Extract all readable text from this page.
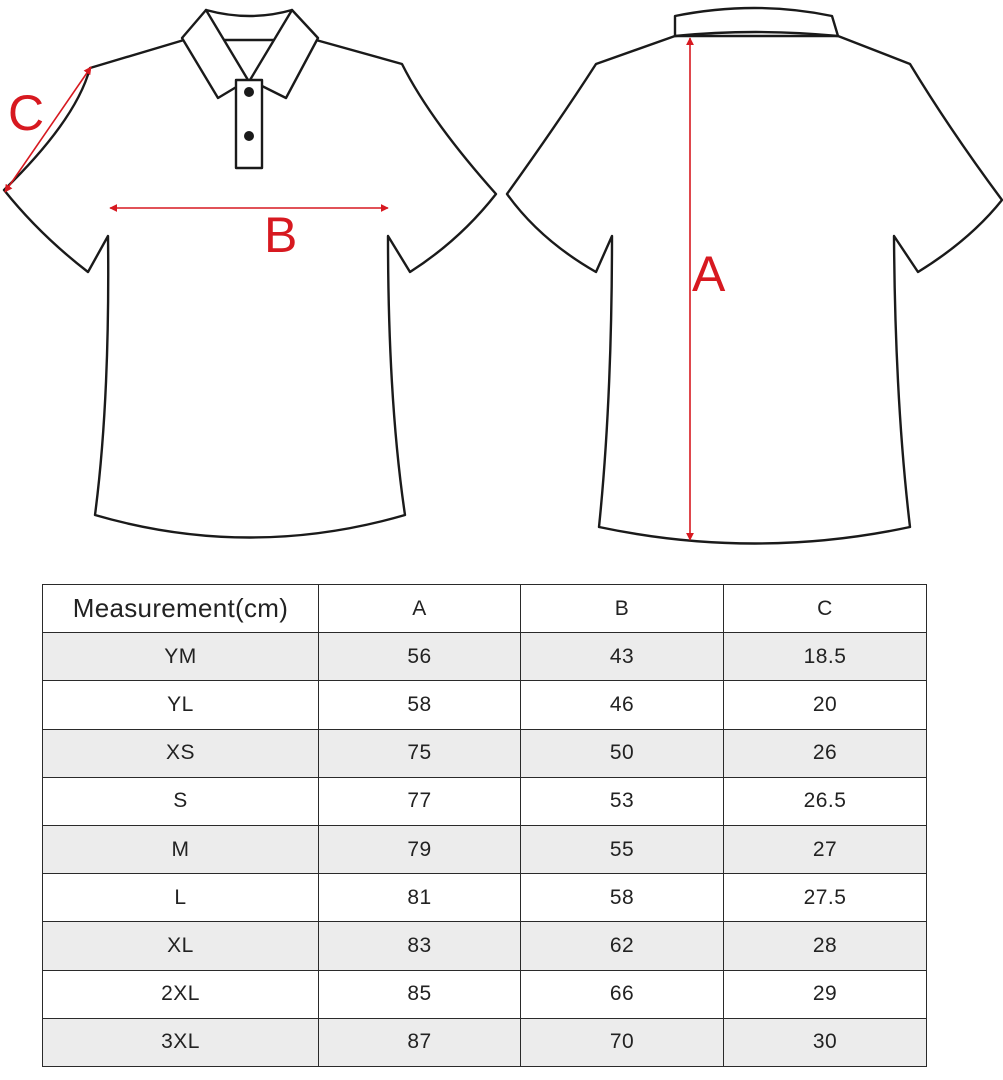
C
B
A
Measurement(cm)	A	B	C
YM	56	43	18.5
YL	58	46	20
XS	75	50	26
S	77	53	26.5
M	79	55	27
L	81	58	27.5
XL	83	62	28
2XL	85	66	29
3XL	87	70	30
